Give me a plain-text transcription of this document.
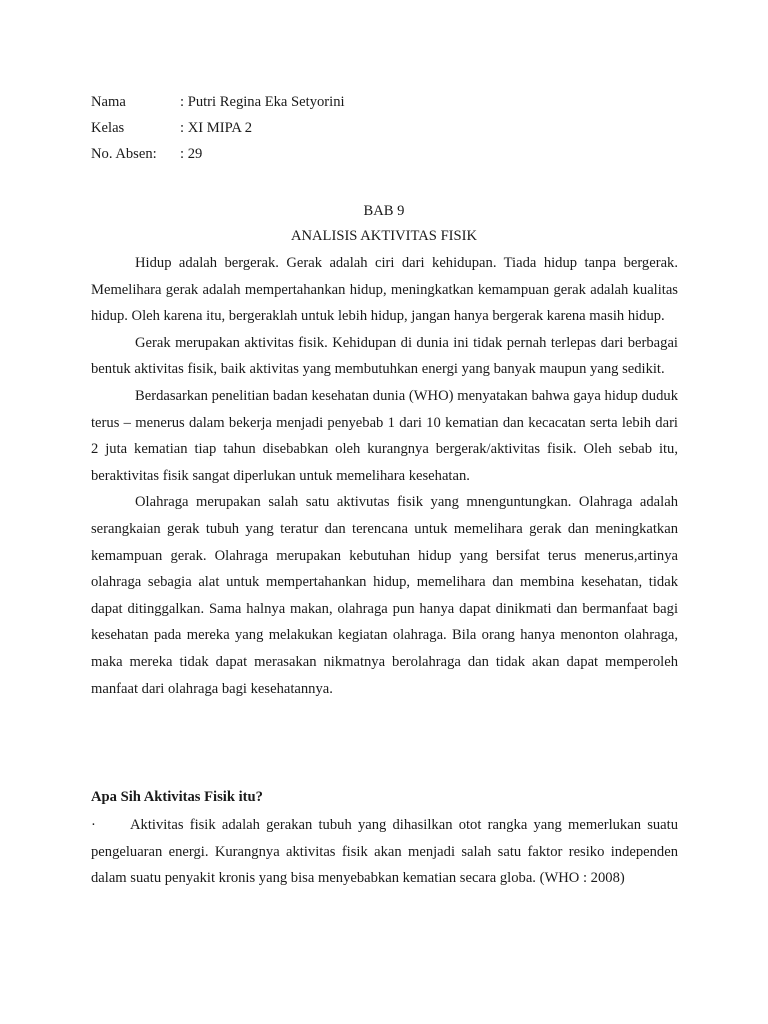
Nama	: Putri Regina Eka Setyorini
Kelas	: XI MIPA 2
No. Absen: : 29
BAB 9
ANALISIS AKTIVITAS FISIK

Hidup adalah bergerak. Gerak adalah ciri dari kehidupan. Tiada hidup tanpa bergerak. Memelihara gerak adalah mempertahankan hidup, meningkatkan kemampuan gerak adalah kualitas hidup. Oleh karena itu, bergeraklah untuk lebih hidup, jangan hanya bergerak karena masih hidup.

Gerak merupakan aktivitas fisik. Kehidupan di dunia ini tidak pernah terlepas dari berbagai bentuk aktivitas fisik, baik aktivitas yang membutuhkan energi yang banyak maupun yang sedikit.

Berdasarkan penelitian badan kesehatan dunia (WHO) menyatakan bahwa gaya hidup duduk terus – menerus dalam bekerja menjadi penyebab 1 dari 10 kematian dan kecacatan serta lebih dari 2 juta kematian tiap tahun disebabkan oleh kurangnya bergerak/aktivitas fisik. Oleh sebab itu, beraktivitas fisik sangat diperlukan untuk memelihara kesehatan.

Olahraga merupakan salah satu aktivutas fisik yang mnenguntungkan. Olahraga adalah serangkaian gerak tubuh yang teratur dan terencana untuk memelihara gerak dan meningkatkan kemampuan gerak. Olahraga merupakan kebutuhan hidup yang bersifat terus menerus,artinya olahraga sebagia alat untuk mempertahankan hidup, memelihara dan membina kesehatan, tidak dapat ditinggalkan. Sama halnya makan, olahraga pun hanya dapat dinikmati dan bermanfaat bagi kesehatan pada mereka yang melakukan kegiatan olahraga. Bila orang hanya menonton olahraga, maka mereka tidak dapat merasakan nikmatnya berolahraga dan tidak akan dapat memperoleh manfaat dari olahraga bagi kesehatannya.

Apa Sih Aktivitas Fisik itu?

· Aktivitas fisik adalah gerakan tubuh yang dihasilkan otot rangka yang memerlukan suatu pengeluaran energi. Kurangnya aktivitas fisik akan menjadi salah satu faktor resiko independen dalam suatu penyakit kronis yang bisa menyebabkan kematian secara globa. (WHO : 2008)
